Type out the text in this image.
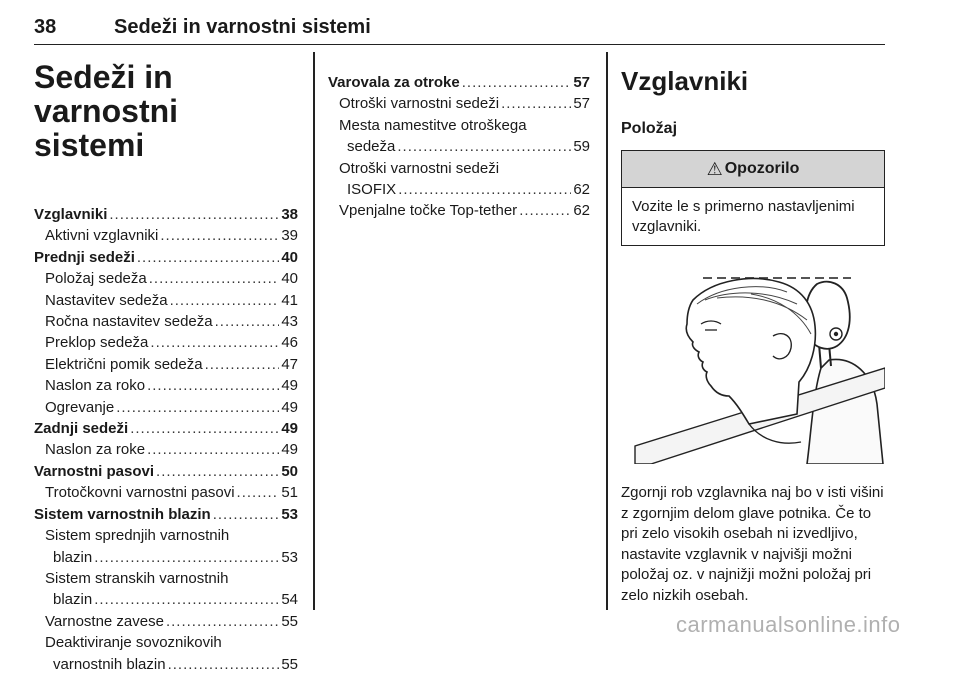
38	Sedeži in varnostni sistemi
Sedeži in varnostni
sistemi
Vzglavniki .....	38
Aktivni vzglavniki .....	39
Prednji sedeži .....	40
Položaj sedeža .....	40
Nastavitev sedeža .....	41
Ročna nastavitev sedeža .....	43
Preklop sedeža .....	46
Električni pomik sedeža .....	47
Naslon za roko .....	49
Ogrevanje .....	49
Zadnji sedeži .....	49
Naslon za roke .....	49
Varnostni pasovi .....	50
Trotočkovni varnostni pasovi .....	51
Sistem varnostnih blazin .....	53
Sistem sprednjih varnostnih
blazin .....	53
Sistem stranskih varnostnih
blazin .....	54
Varnostne zavese .....	55
Deaktiviranje sovoznikovih
varnostnih blazin .....	55
Varovala za otroke .....	57
Otroški varnostni sedeži .....	57
Mesta namestitve otroškega
sedeža .....	59
Otroški varnostni sedeži
ISOFIX .....	62
Vpenjalne točke Top-tether .....	62
Vzglavniki
Položaj
⚠ Opozorilo
Vozite le s primerno nastavljenimi vzglavniki.
Zgornji rob vzglavnika naj bo v isti višini z zgornjim delom glave potnika. Če to pri zelo visokih osebah ni izvedljivo, nastavite vzglavnik v najvišji možni položaj oz. v najnižji možni položaj pri zelo nizkih osebah.
carmanualsonline.info
